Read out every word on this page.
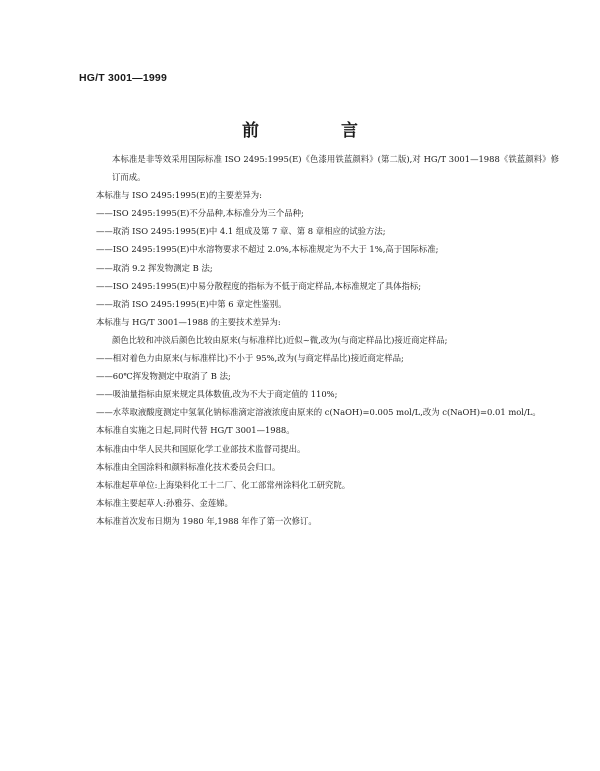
HG/T 3001—1999
前 言

本标准是非等效采用国际标准 ISO 2495:1995(E)《色漆用铁蓝颜料》(第二版),对 HG/T 3001—1988《铁蓝颜料》修订而成。

本标准与 ISO 2495:1995(E)的主要差异为:

——ISO 2495:1995(E)不分品种,本标准分为三个品种;

——取消 ISO 2495:1995(E)中 4.1 组成及第 7 章、第 8 章相应的试验方法;

——ISO 2495:1995(E)中水溶物要求不超过 2.0%,本标准规定为不大于 1%,高于国际标准;

——取消 9.2 挥发物测定 B 法;

——ISO 2495:1995(E)中易分散程度的指标为不低于商定样品,本标准规定了具体指标;

——取消 ISO 2495:1995(E)中第 6 章定性鉴别。

本标准与 HG/T 3001—1988 的主要技术差异为:

颜色比较和冲淡后颜色比较由原来(与标准样比)近似~微,改为(与商定样品比)接近商定样品;

——相对着色力由原来(与标准样比)不小于 95%,改为(与商定样品比)接近商定样品;

——60℃挥发物测定中取消了 B 法;

——吸油量指标由原来规定具体数值,改为不大于商定值的 110%;

——水萃取液酸度测定中氢氧化钠标准滴定溶液浓度由原来的 c(NaOH)=0.005 mol/L,改为 c(NaOH)=0.01 mol/L。

本标准自实施之日起,同时代替 HG/T 3001—1988。

本标准由中华人民共和国原化学工业部技术监督司提出。

本标准由全国涂料和颜料标准化技术委员会归口。

本标准起草单位:上海染料化工十二厂、化工部常州涂料化工研究院。

本标准主要起草人:孙雅芬、金莲娣。

本标准首次发布日期为 1980 年,1988 年作了第一次修订。
